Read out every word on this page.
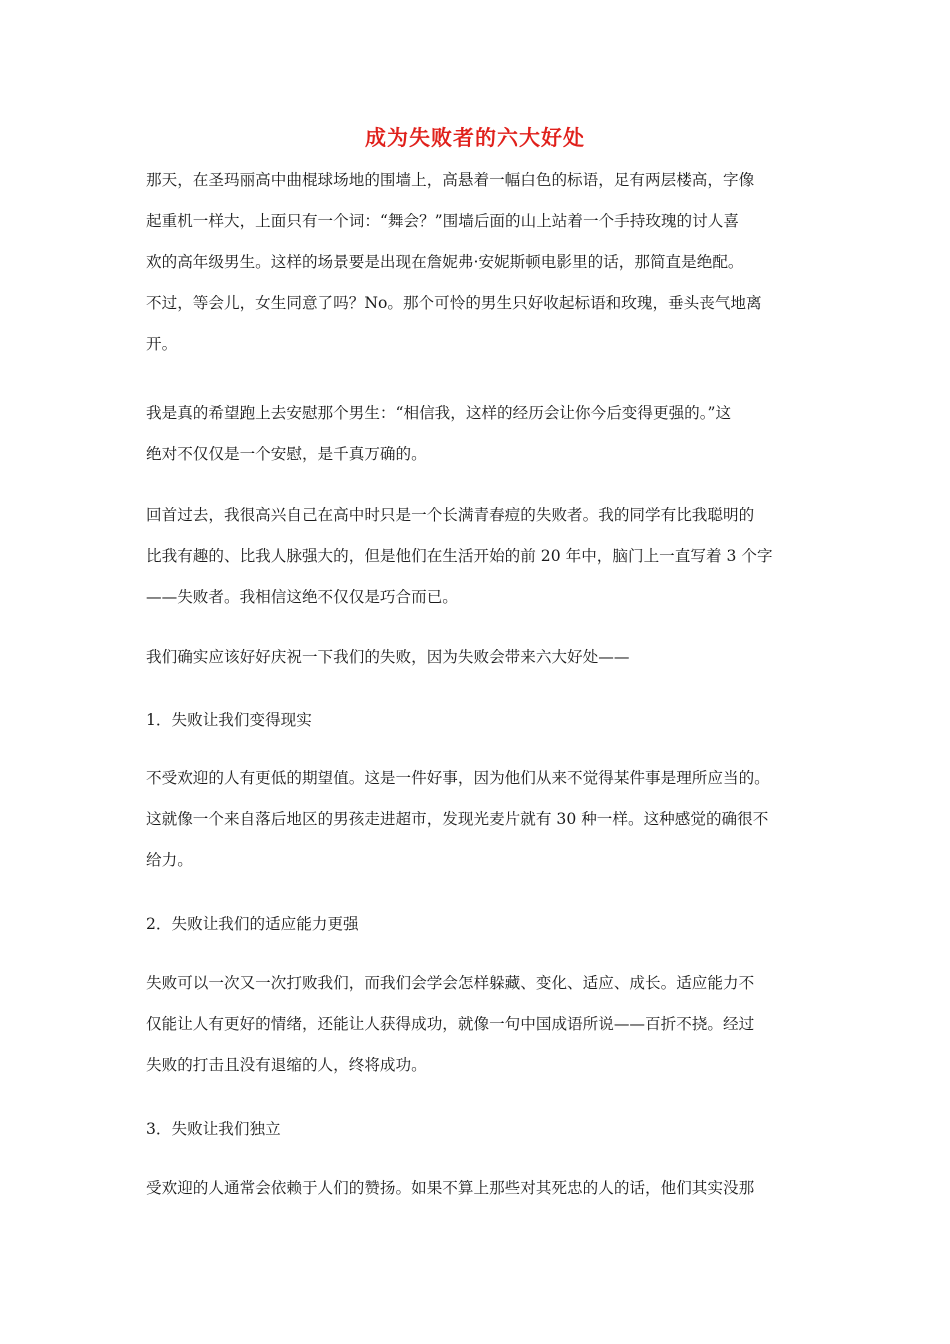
成为失败者的六大好处
那天，在圣玛丽高中曲棍球场地的围墙上，高悬着一幅白色的标语，足有两层楼高，字像
起重机一样大，上面只有一个词：“舞会？”围墙后面的山上站着一个手持玫瑰的讨人喜
欢的高年级男生。这样的场景要是出现在詹妮弗·安妮斯顿电影里的话，那简直是绝配。
不过，等会儿，女生同意了吗？No。那个可怜的男生只好收起标语和玫瑰，垂头丧气地离
开。
我是真的希望跑上去安慰那个男生：“相信我，这样的经历会让你今后变得更强的。”这
绝对不仅仅是一个安慰，是千真万确的。
回首过去，我很高兴自己在高中时只是一个长满青春痘的失败者。我的同学有比我聪明的
比我有趣的、比我人脉强大的，但是他们在生活开始的前 20 年中，脑门上一直写着 3 个字
——失败者。我相信这绝不仅仅是巧合而已。
我们确实应该好好庆祝一下我们的失败，因为失败会带来六大好处——
1．失败让我们变得现实
不受欢迎的人有更低的期望值。这是一件好事，因为他们从来不觉得某件事是理所应当的。
这就像一个来自落后地区的男孩走进超市，发现光麦片就有 30 种一样。这种感觉的确很不
给力。
2．失败让我们的适应能力更强
失败可以一次又一次打败我们，而我们会学会怎样躲藏、变化、适应、成长。适应能力不
仅能让人有更好的情绪，还能让人获得成功，就像一句中国成语所说——百折不挠。经过
失败的打击且没有退缩的人，终将成功。
3．失败让我们独立
受欢迎的人通常会依赖于人们的赞扬。如果不算上那些对其死忠的人的话，他们其实没那
